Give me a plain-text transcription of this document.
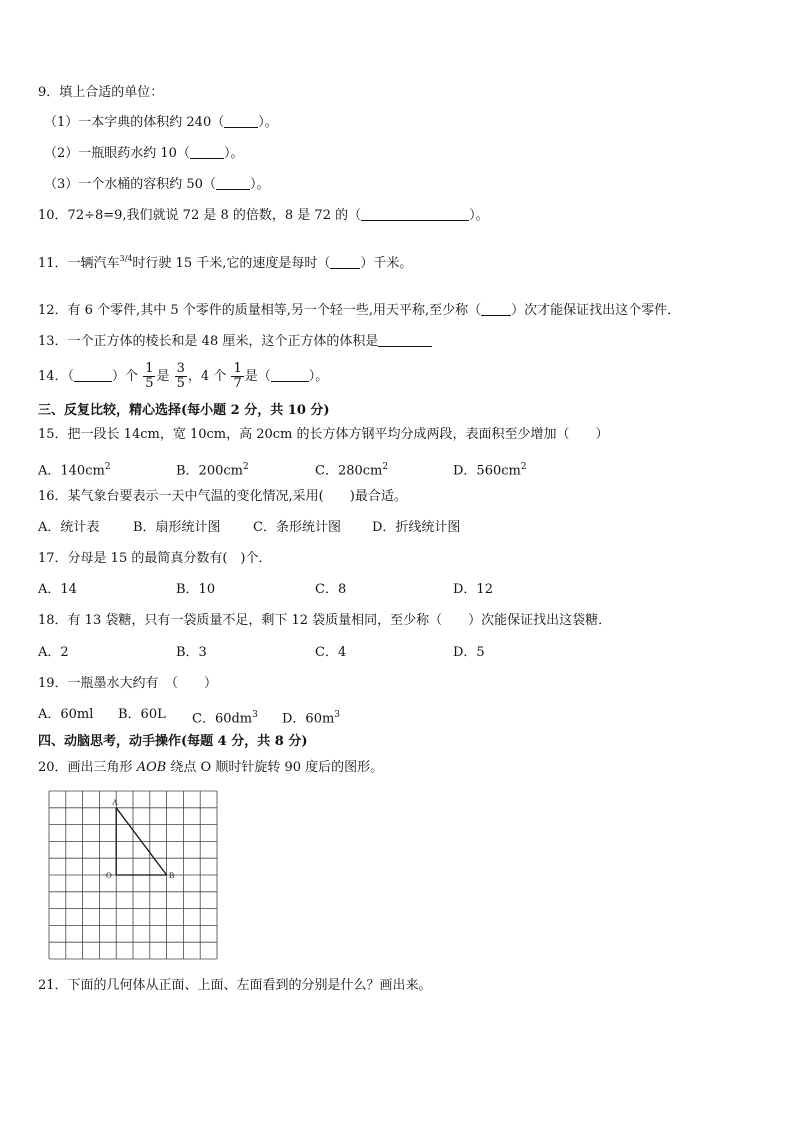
9．填上合适的单位：
（1）一本字典的体积约 240（	）。
（2）一瓶眼药水约 10（	）。
（3）一个水桶的容积约 50（	）。
10．72÷8=9,我们就说 72 是 8 的倍数，8 是 72 的（	）。
11．一辆汽车$^{3/4}$时行驶 15 千米,它的速度是每时（ ）千米。
12．有 6 个零件,其中 5 个零件的质量相等,另一个轻一些,用天平称,至少称（ ）次才能保证找出这个零件．
13．一个正方体的棱长和是 48 厘米，这个正方体的体积是
14．（	）个 $\frac{1}{5}$ 是 $\frac{3}{5}$ ，4 个 $\frac{1}{7}$ 是（	）。
三、反复比较，精心选择(每小题 2 分，共 10 分)
15．把一段长 14cm，宽 10cm，高 20cm 的长方体方钢平均分成两段，表面积至少增加（　　）
A．$140cm^2$	B．$200cm^2$	C．$280cm^2$	D．$560cm^2$
16．某气象台要表示一天中气温的变化情况,采用(　　)最合适。
A．统计表	B．扇形统计图 C．条形统计图 D．折线统计图
17．分母是 15 的最简真分数有(　)个．
A．14	B．10	C．8	D．12
18．有 13 袋糖，只有一袋质量不足，剩下 12 袋质量相同，至少称（　　）次能保证找出这袋糖．
A．2	B．3	C．4	D．5
19．一瓶墨水大约有　（　　）
A．60ml B．60L C．$60dm^3$ D．$60m^3$
四、动脑思考，动手操作(每题 4 分，共 8 分)
20．画出三角形 AOB 绕点 O 顺时针旋转 90 度后的图形。
A
O	B
21．下面的几何体从正面、上面、左面看到的分别是什么？画出来。
